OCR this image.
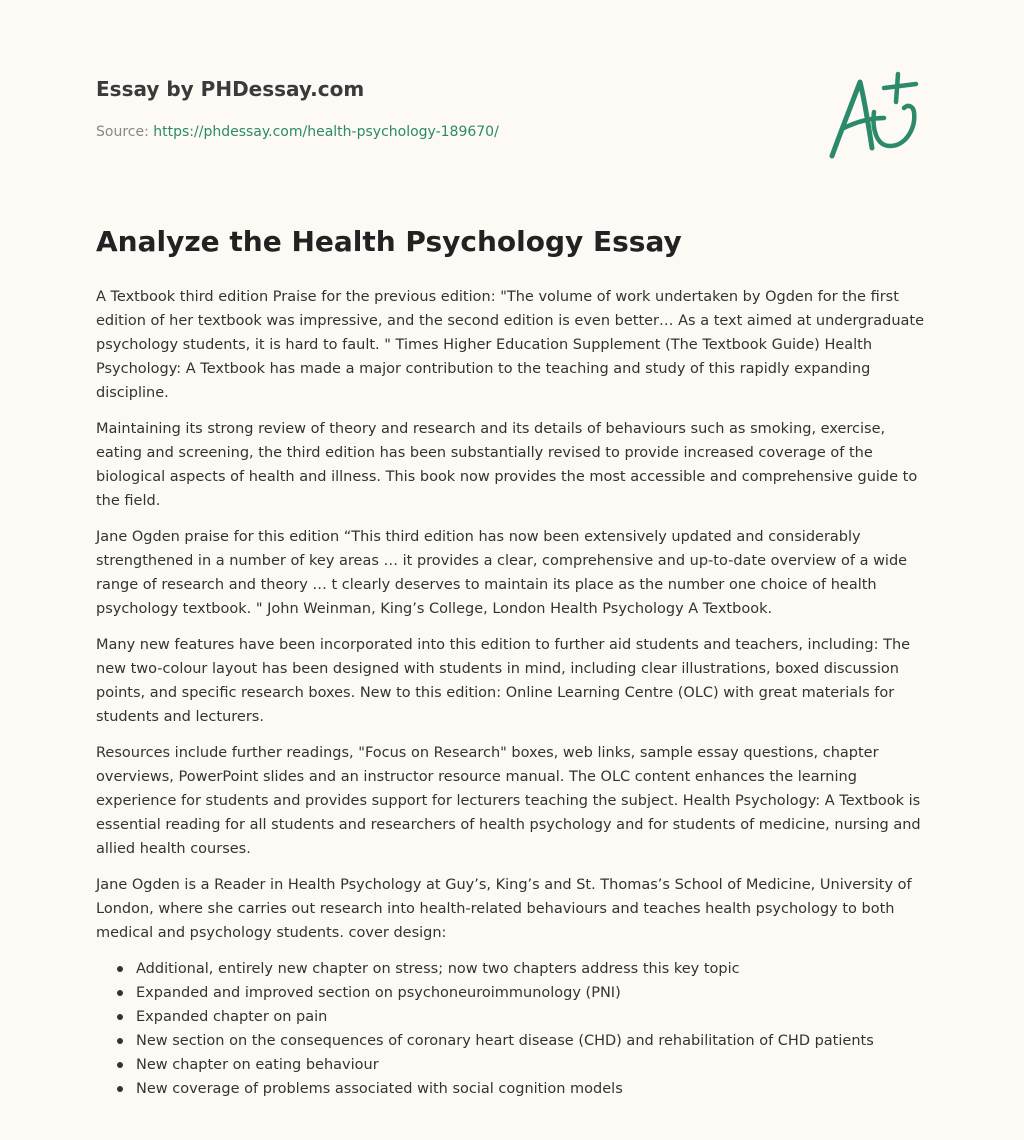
Essay by PHDessay.com
Source: https://phdessay.com/health-psychology-189670/
Analyze the Health Psychology Essay

A Textbook third edition Praise for the previous edition: "The volume of work undertaken by Ogden for the first edition of her textbook was impressive, and the second edition is even better… As a text aimed at undergraduate psychology students, it is hard to fault. " Times Higher Education Supplement (The Textbook Guide) Health Psychology: A Textbook has made a major contribution to the teaching and study of this rapidly expanding discipline.

Maintaining its strong review of theory and research and its details of behaviours such as smoking, exercise, eating and screening, the third edition has been substantially revised to provide increased coverage of the biological aspects of health and illness. This book now provides the most accessible and comprehensive guide to the field.

Jane Ogden praise for this edition “This third edition has now been extensively updated and considerably strengthened in a number of key areas … it provides a clear, comprehensive and up-to-date overview of a wide range of research and theory … t clearly deserves to maintain its place as the number one choice of health psychology textbook. " John Weinman, King’s College, London Health Psychology A Textbook.

Many new features have been incorporated into this edition to further aid students and teachers, including: The new two-colour layout has been designed with students in mind, including clear illustrations, boxed discussion points, and specific research boxes. New to this edition: Online Learning Centre (OLC) with great materials for students and lecturers.

Resources include further readings, "Focus on Research" boxes, web links, sample essay questions, chapter overviews, PowerPoint slides and an instructor resource manual. The OLC content enhances the learning experience for students and provides support for lecturers teaching the subject. Health Psychology: A Textbook is essential reading for all students and researchers of health psychology and for students of medicine, nursing and allied health courses.

Jane Ogden is a Reader in Health Psychology at Guy’s, King’s and St. Thomas’s School of Medicine, University of London, where she carries out research into health-related behaviours and teaches health psychology to both medical and psychology students. cover design:

Additional, entirely new chapter on stress; now two chapters address this key topic
Expanded and improved section on psychoneuroimmunology (PNI)
Expanded chapter on pain
New section on the consequences of coronary heart disease (CHD) and rehabilitation of CHD patients
New chapter on eating behaviour
New coverage of problems associated with social cognition models
